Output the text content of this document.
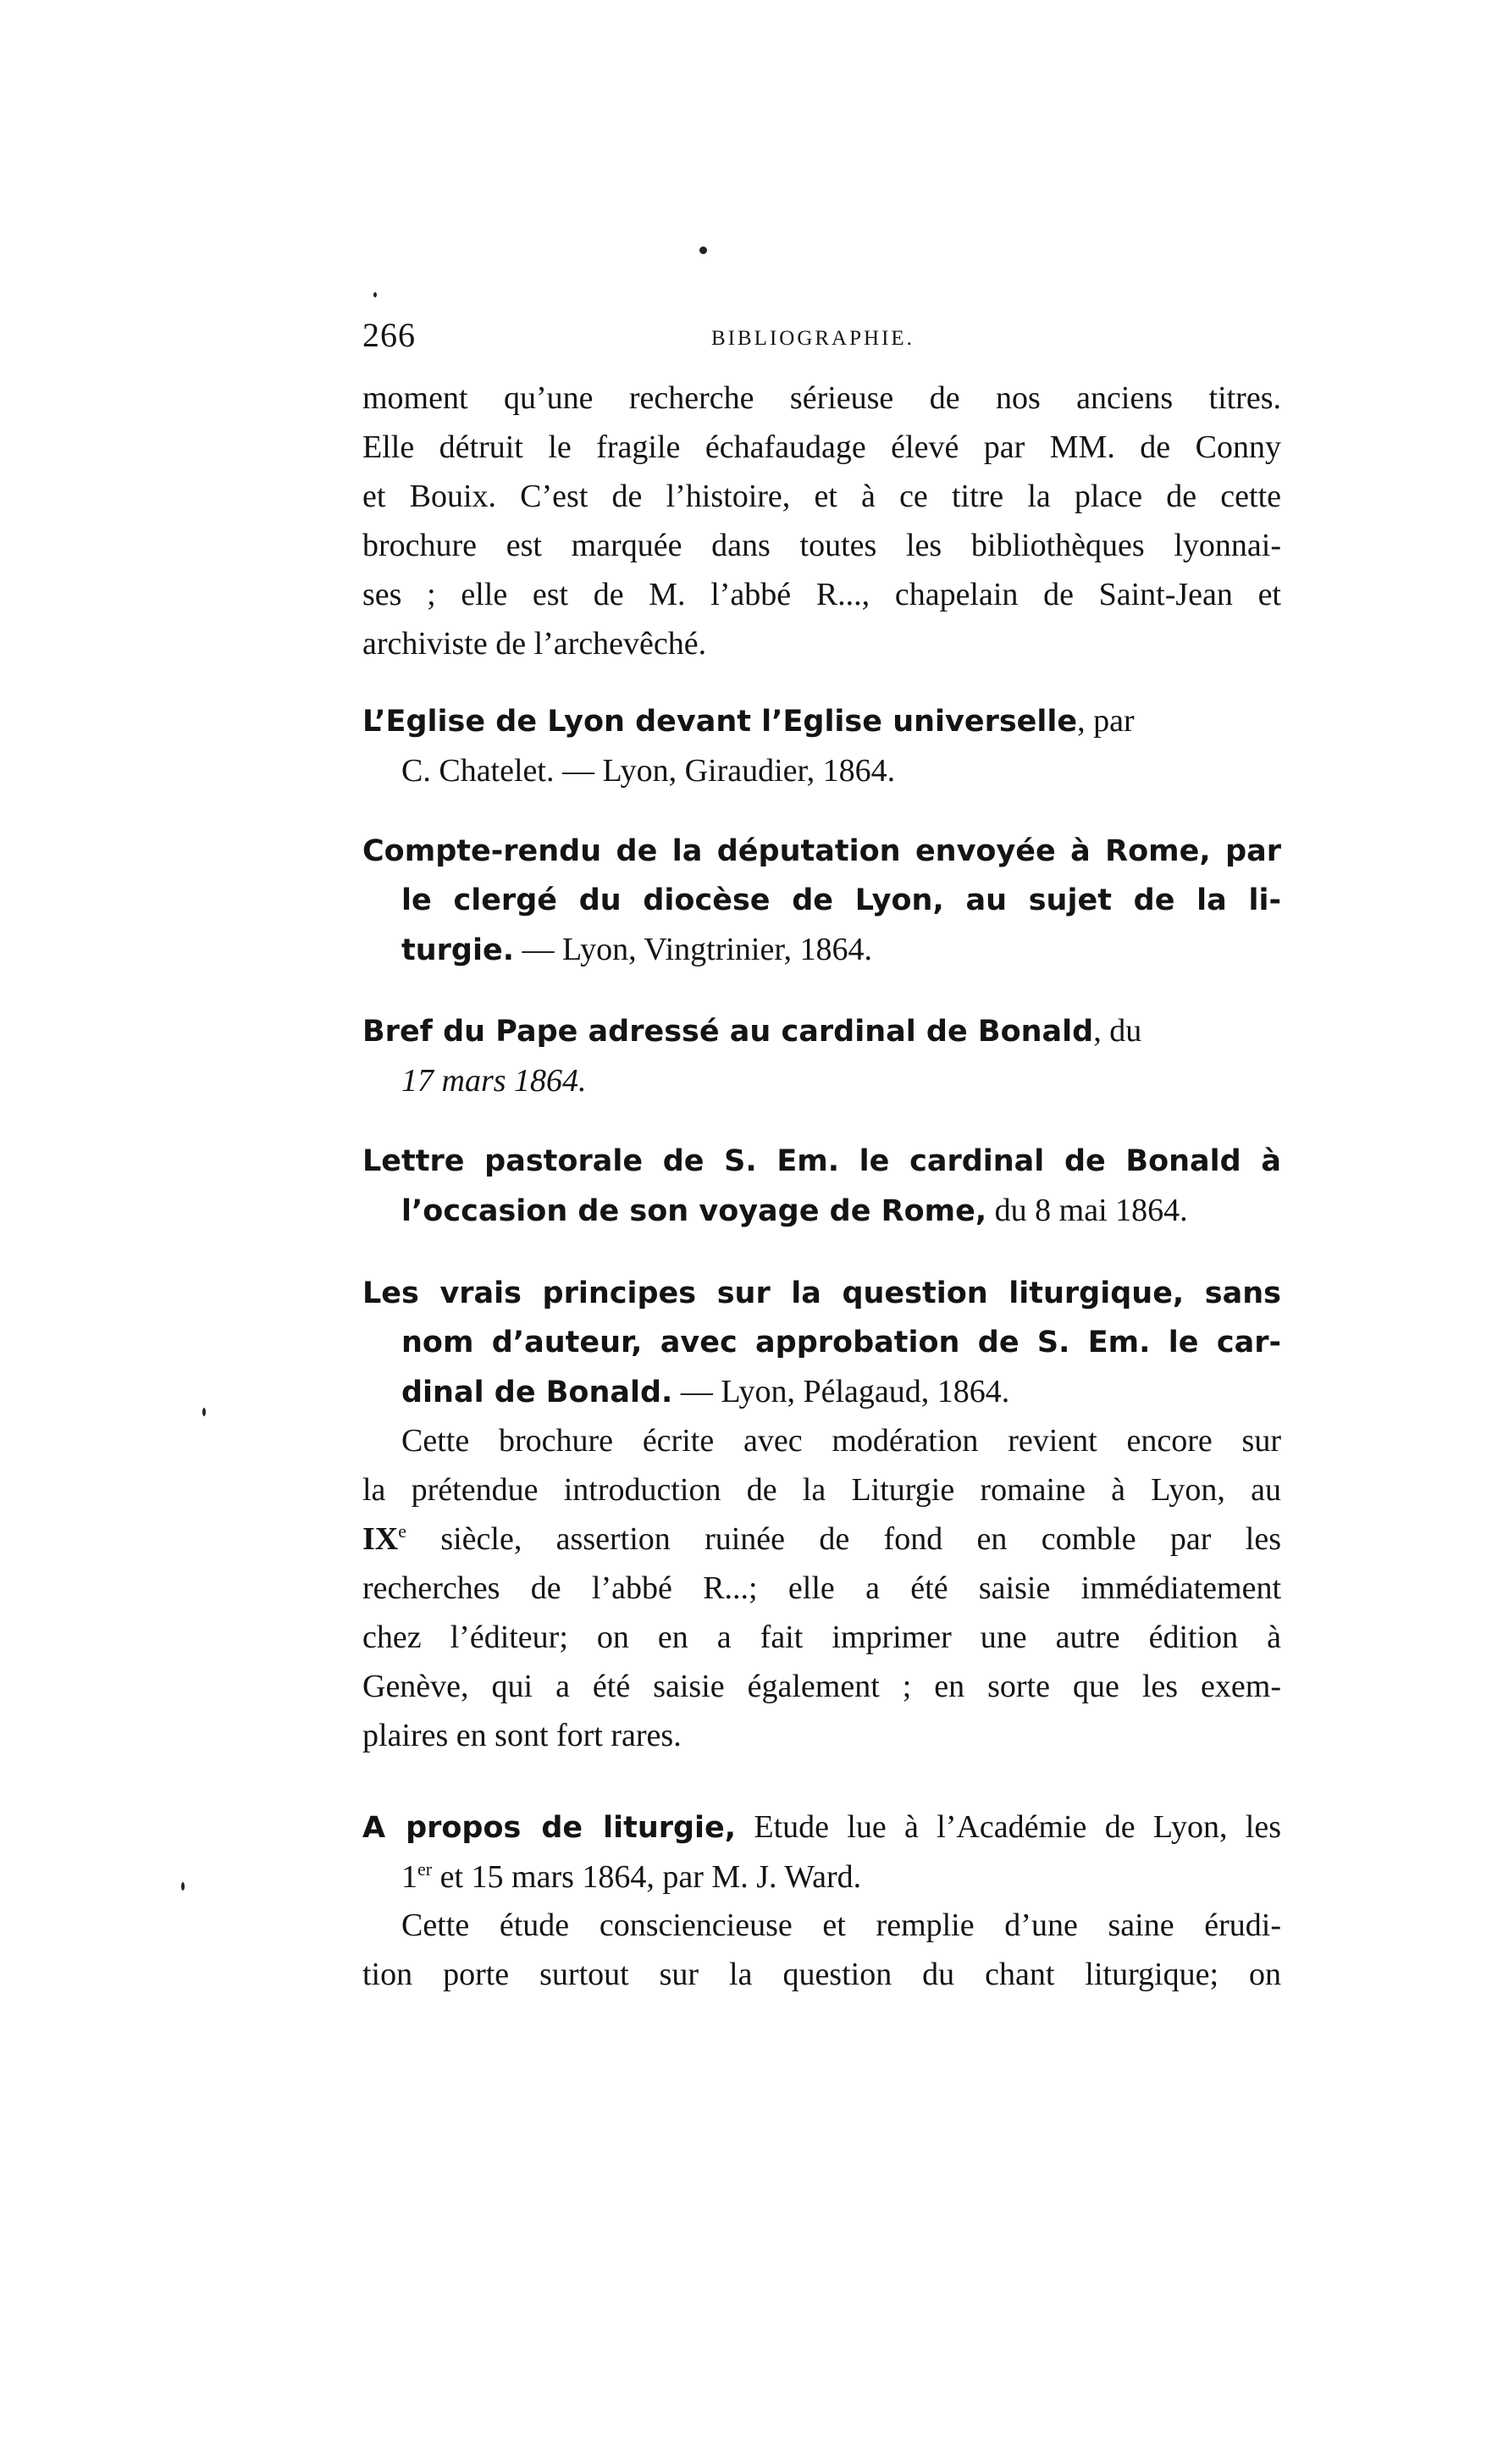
266	BIBLIOGRAPHIE.
moment qu’une recherche sérieuse de nos anciens titres.
Elle détruit le fragile échafaudage élevé par MM. de Conny
et Bouix. C’est de l’histoire, et à ce titre la place de cette
brochure est marquée dans toutes les bibliothèques lyonnai-
ses ; elle est de M. l’abbé R..., chapelain de Saint-Jean et
archiviste de l’archevêché.
L’Eglise de Lyon devant l’Eglise universelle, par
C. Chatelet. — Lyon, Giraudier, 1864.
Compte-rendu de la députation envoyée à Rome, par
le clergé du diocèse de Lyon, au sujet de la li-
turgie. — Lyon, Vingtrinier, 1864.
Bref du Pape adressé au cardinal de Bonald, du
17 mars 1864.
Lettre pastorale de S. Em. le cardinal de Bonald à
l’occasion de son voyage de Rome, du 8 mai 1864.
Les vrais principes sur la question liturgique, sans
nom d’auteur, avec approbation de S. Em. le car-
dinal de Bonald. — Lyon, Pélagaud, 1864.
Cette brochure écrite avec modération revient encore sur
la prétendue introduction de la Liturgie romaine à Lyon, au
IXe siècle, assertion ruinée de fond en comble par les
recherches de l’abbé R...; elle a été saisie immédiatement
chez l’éditeur; on en a fait imprimer une autre édition à
Genève, qui a été saisie également ; en sorte que les exem-
plaires en sont fort rares.
A propos de liturgie, Etude lue à l’Académie de Lyon, les
1er et 15 mars 1864, par M. J. Ward.
Cette étude consciencieuse et remplie d’une saine érudi-
tion porte surtout sur la question du chant liturgique; on
